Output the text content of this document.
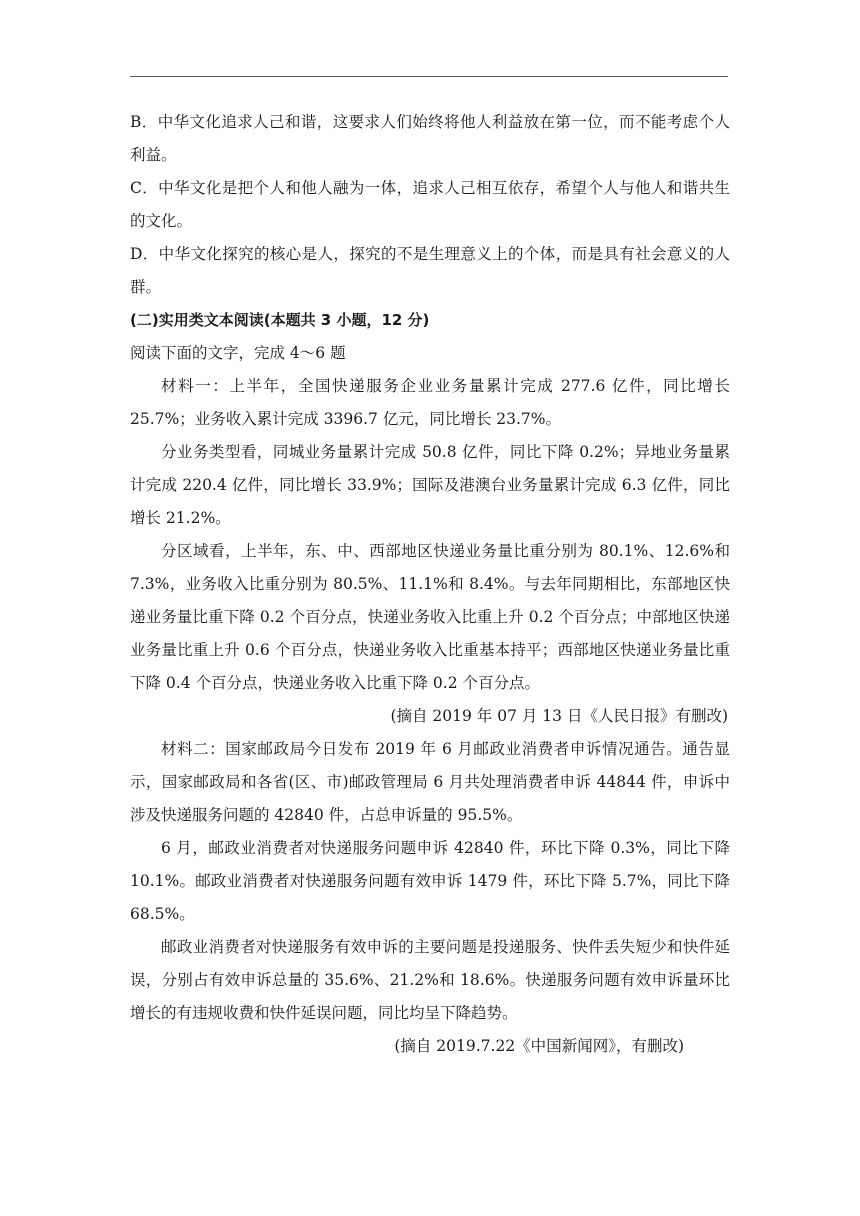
B．中华文化追求人己和谐，这要求人们始终将他人利益放在第一位，而不能考虑个人利益。

C．中华文化是把个人和他人融为一体，追求人己相互依存，希望个人与他人和谐共生的文化。

D．中华文化探究的核心是人，探究的不是生理意义上的个体，而是具有社会意义的人群。

(二)实用类文本阅读(本题共 3 小题，12 分)

阅读下面的文字，完成 4～6 题

材料一：上半年，全国快递服务企业业务量累计完成 277.6 亿件，同比增长 25.7%；业务收入累计完成 3396.7 亿元，同比增长 23.7%。

分业务类型看，同城业务量累计完成 50.8 亿件，同比下降 0.2%；异地业务量累计完成 220.4 亿件，同比增长 33.9%；国际及港澳台业务量累计完成 6.3 亿件，同比增长 21.2%。

分区域看，上半年，东、中、西部地区快递业务量比重分别为 80.1%、12.6%和 7.3%，业务收入比重分别为 80.5%、11.1%和 8.4%。与去年同期相比，东部地区快递业务量比重下降 0.2 个百分点，快递业务收入比重上升 0.2 个百分点；中部地区快递业务量比重上升 0.6 个百分点，快递业务收入比重基本持平；西部地区快递业务量比重下降 0.4 个百分点，快递业务收入比重下降 0.2 个百分点。

(摘自 2019 年 07 月 13 日《人民日报》有删改)

材料二：国家邮政局今日发布 2019 年 6 月邮政业消费者申诉情况通告。通告显示，国家邮政局和各省(区、市)邮政管理局 6 月共处理消费者申诉 44844 件，申诉中涉及快递服务问题的 42840 件，占总申诉量的 95.5%。

6 月，邮政业消费者对快递服务问题申诉 42840 件，环比下降 0.3%，同比下降 10.1%。邮政业消费者对快递服务问题有效申诉 1479 件，环比下降 5.7%，同比下降 68.5%。

邮政业消费者对快递服务有效申诉的主要问题是投递服务、快件丢失短少和快件延误，分别占有效申诉总量的 35.6%、21.2%和 18.6%。快递服务问题有效申诉量环比增长的有违规收费和快件延误问题，同比均呈下降趋势。

(摘自 2019.7.22《中国新闻网》，有删改)
